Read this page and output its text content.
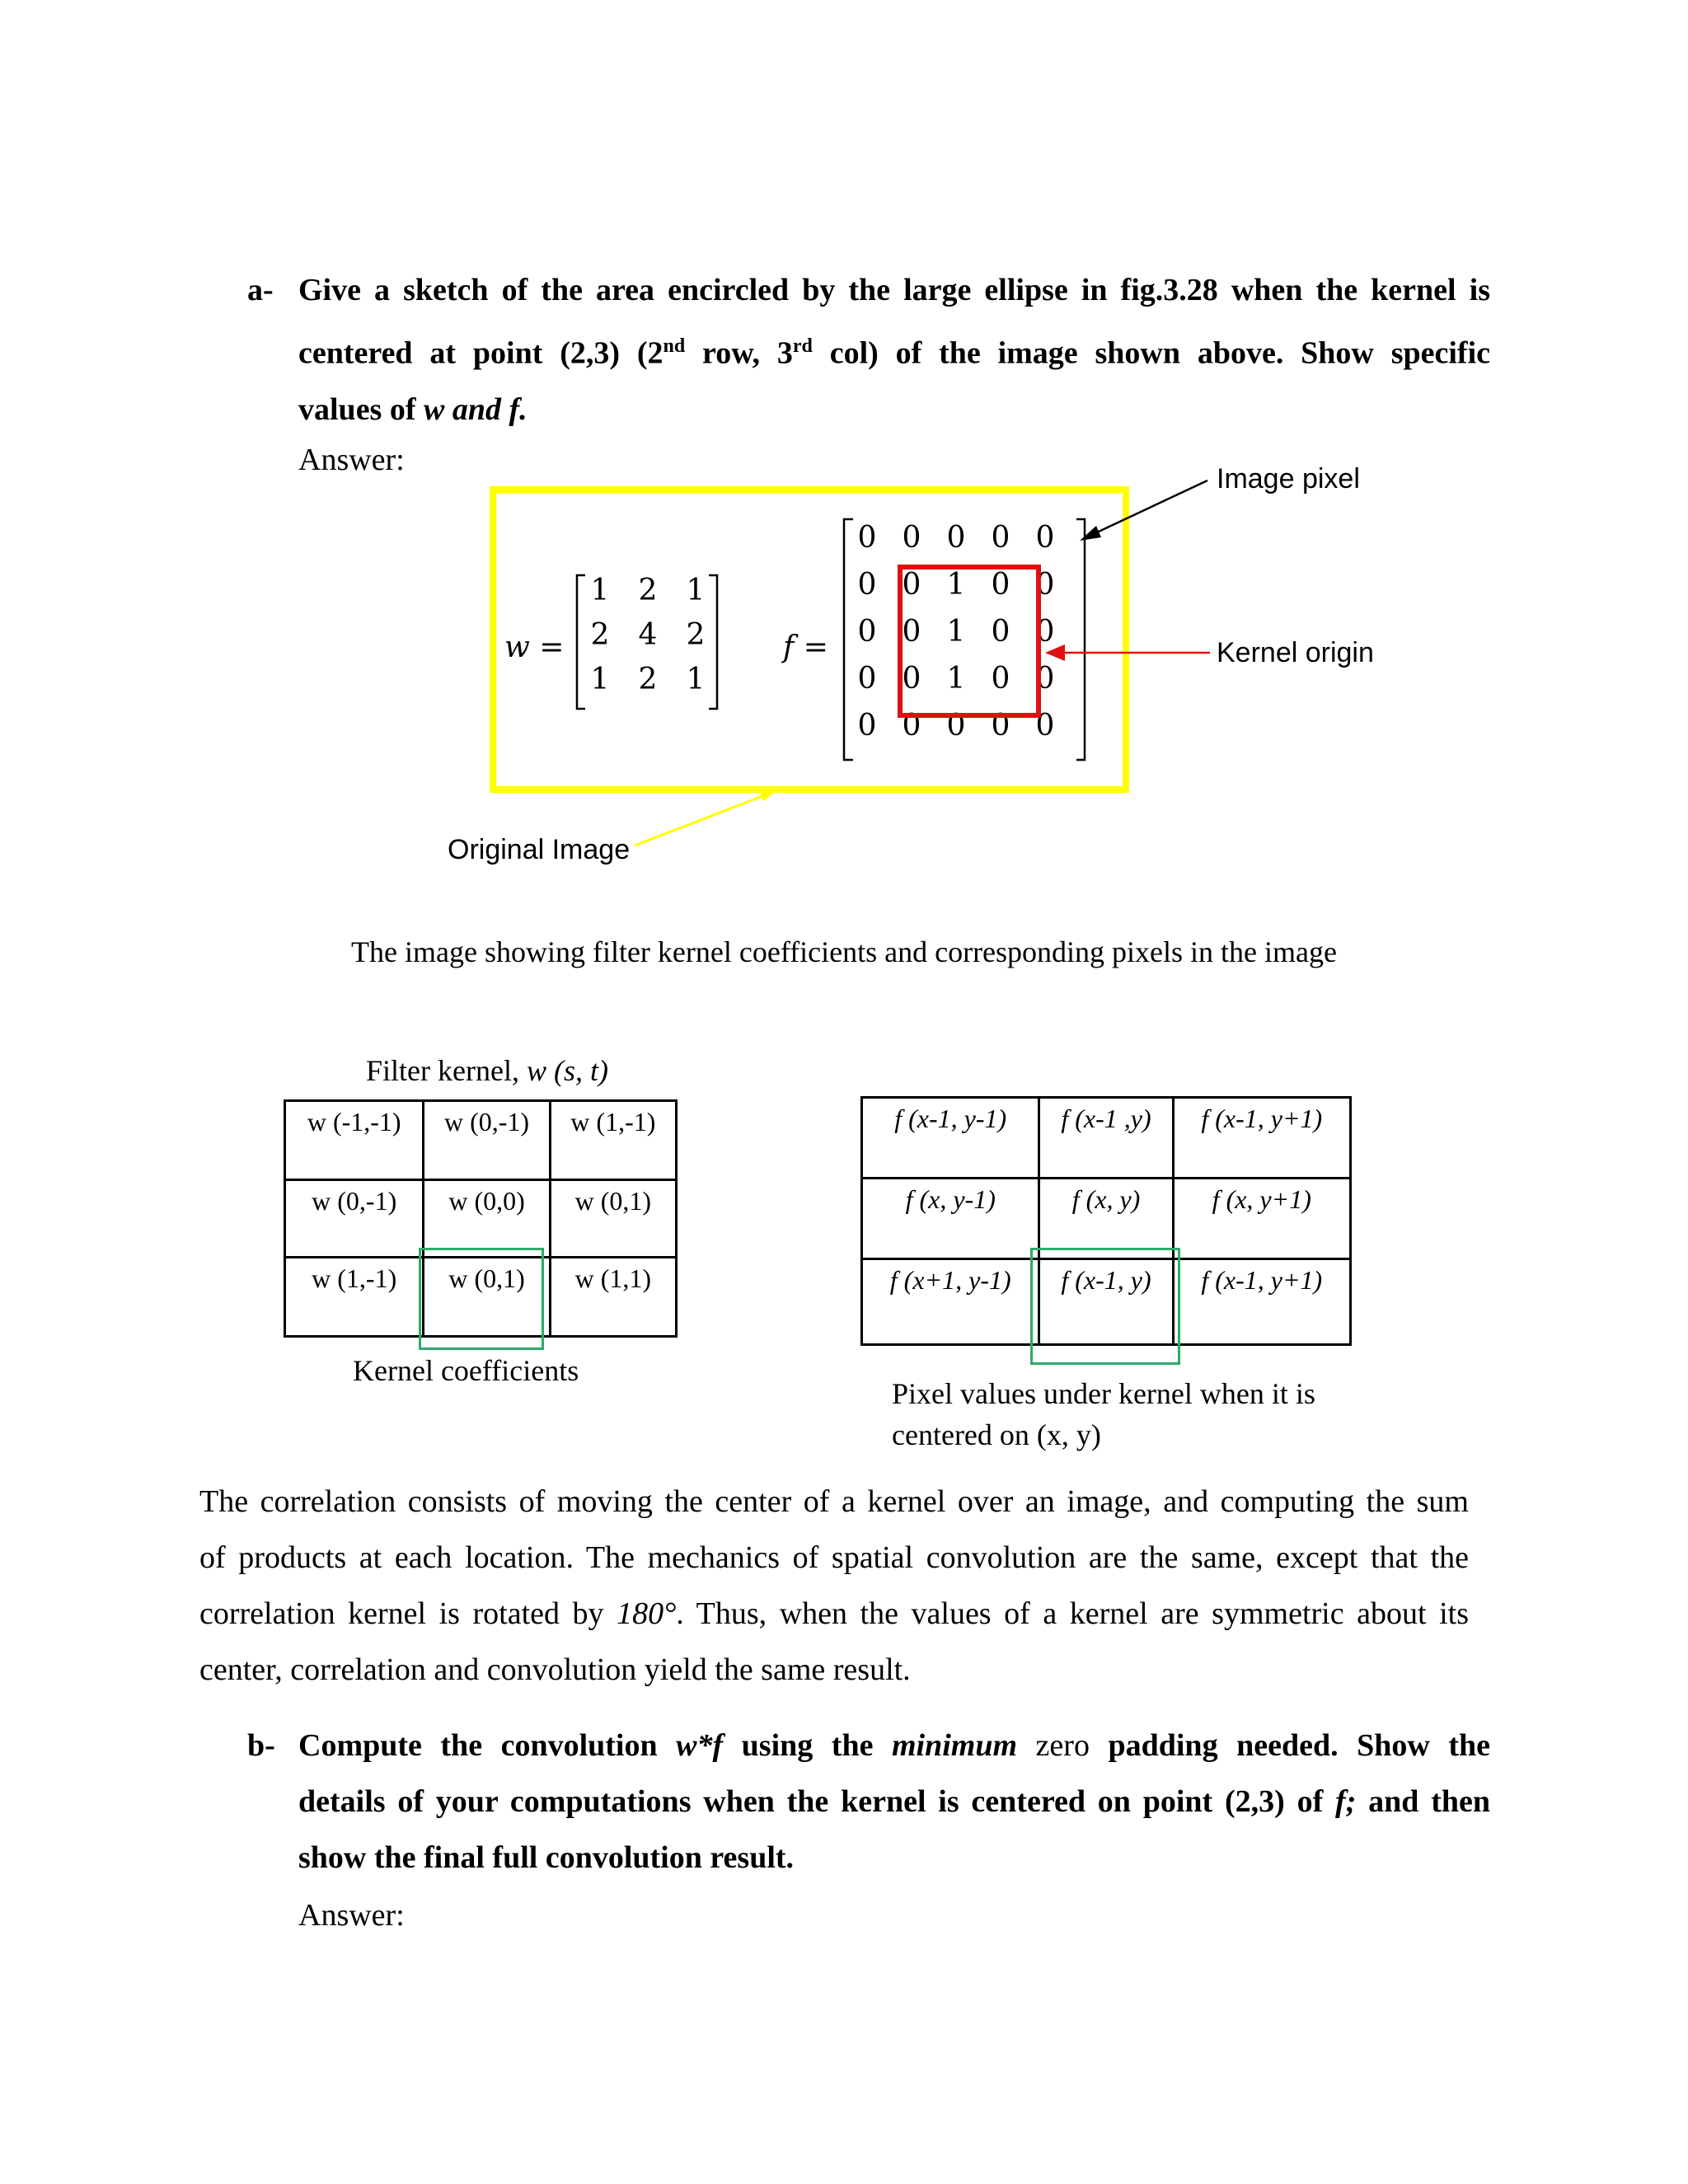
a- Give a sketch of the area encircled by the large ellipse in fig.3.28 when the kernel is

centered at point (2,3) (2nd row, 3rd col) of the image shown above. Show specific

values of w and f.

Answer:
w =
1 2 1
2 4 2
1 2 1
f =
0 0 0 0 0
0 0 1 0 0
0 0 1 0 0
0 0 1 0 0
0 0 0 0 0
Image pixel
Kernel origin
Original Image
The image showing filter kernel coefficients and corresponding pixels in the image
Filter kernel, w (s, t)
w (-1,-1)	w (0,-1)	w (1,-1)
w (0,-1)	w (0,0)	w (0,1)
w (1,-1)	w (0,1)	w (1,1)
Kernel coefficients
f (x-1, y-1)	f (x-1 ,y)	f (x-1, y+1)
f (x, y-1)	f (x, y)	f (x, y+1)
f (x+1, y-1)	f (x-1, y)	f (x-1, y+1)
Pixel values under kernel when it is
centered on (x, y)

The correlation consists of moving the center of a kernel over an image, and computing the sum

of products at each location. The mechanics of spatial convolution are the same, except that the

correlation kernel is rotated by 180°. Thus, when the values of a kernel are symmetric about its

center, correlation and convolution yield the same result.

b- Compute the convolution w*f using the minimum zero padding needed. Show the

details of your computations when the kernel is centered on point (2,3) of f; and then

show the final full convolution result.

Answer:
